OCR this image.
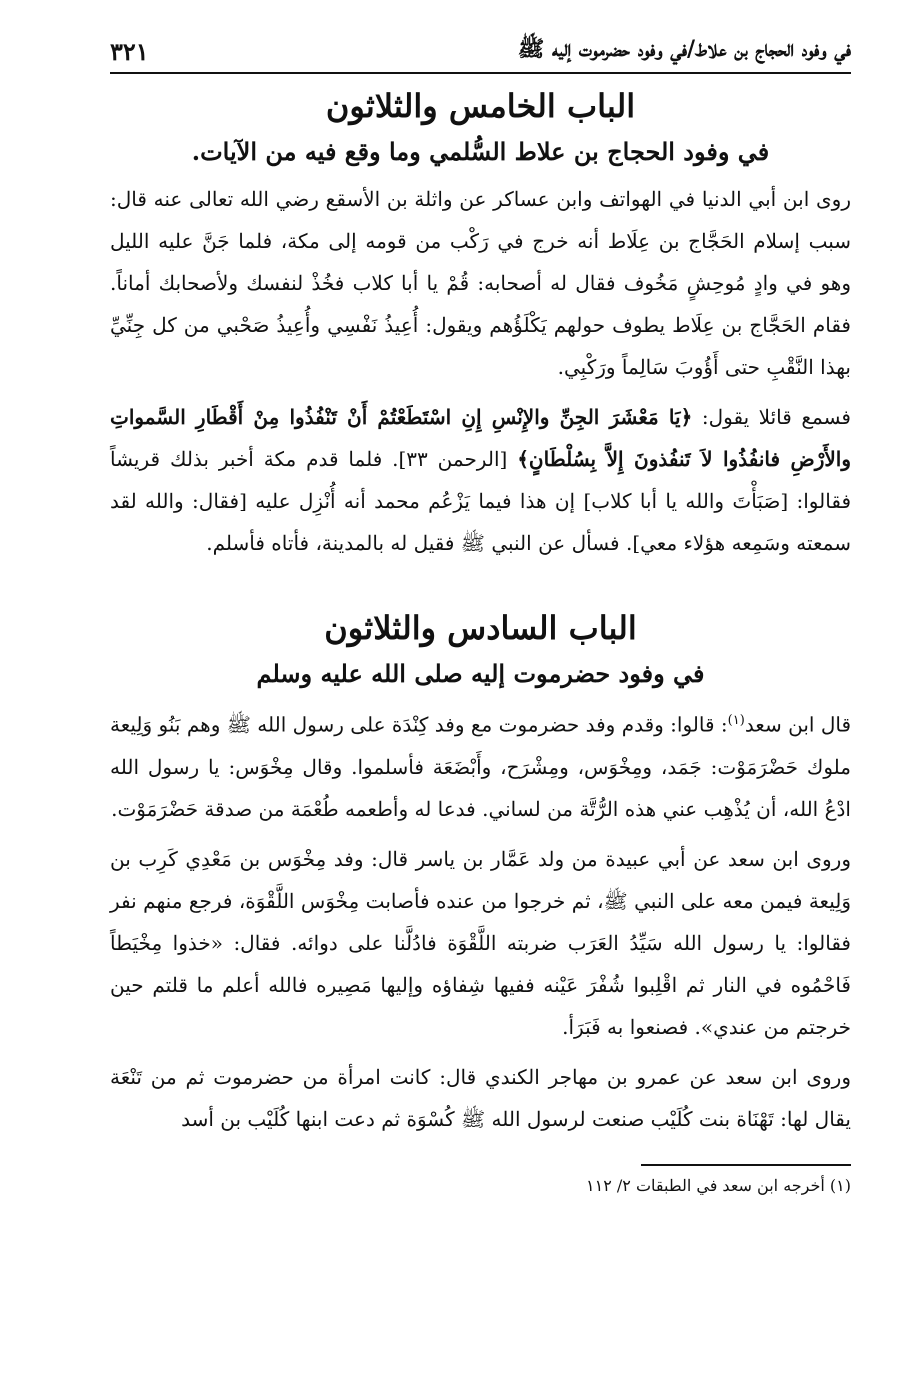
في وفود الحجاج بن علاط/في وفود حضرموت إليه ﷺ
٣٢١
الباب الخامس والثلاثون
في وفود الحجاج بن علاط السُّلمي وما وقع فيه من الآيات.

روى ابن أبي الدنيا في الهواتف وابن عساكر عن واثلة بن الأسقع رضي الله تعالى عنه قال: سبب إسلام الحَجَّاج بن عِلَاط أنه خرج في رَكْب من قومه إلى مكة، فلما جَنَّ عليه الليل وهو في وادٍ مُوحِشٍ مَخُوف فقال له أصحابه: قُمْ يا أبا كلاب فخُذْ لنفسك ولأصحابك أماناً. فقام الحَجَّاج بن عِلَاط يطوف حولهم يَكْلَؤُهم ويقول: أُعِيذُ نَفْسِي وأُعِيذُ صَحْبي من كل جِنِّيِّ بهذا النَّقْبِ حتى أَؤُوبَ سَالِماً ورَكْبِي.

فسمع قائلا يقول: ﴿يَا مَعْشَرَ الجِنِّ والإِنْسِ إِنِ اسْتَطَعْتُمْ أَنْ تَنْفُذُوا مِنْ أَقْطَارِ السَّمواتِ والأَرْضِ فانفُذُوا لاَ تَنفُذونَ إِلاَّ بِسُلْطَانٍ﴾ [الرحمن ٣٣]. فلما قدم مكة أخبر بذلك قريشاً فقالوا: [صَبَأْتَ والله يا أبا كلاب] إن هذا فيما يَزْعُم محمد أنه أُنْزِل عليه [فقال: والله لقد سمعته وسَمِعه هؤلاء معي]. فسأل عن النبي ﷺ فقيل له بالمدينة، فأتاه فأسلم.

الباب السادس والثلاثون
في وفود حضرموت إليه صلى الله عليه وسلم

قال ابن سعد$^{(١)}$: قالوا: وقدم وفد حضرموت مع وفد كِنْدَة على رسول الله ﷺ وهم بَنُو وَلِيعة ملوك حَضْرَمَوْت: جَمَد، ومِخْوَس، ومِشْرَح، وأَبْضَعَة فأسلموا. وقال مِخْوَس: يا رسول الله ادْعُ الله، أن يُذْهِب عني هذه الرُّتَّة من لساني. فدعا له وأطعمه طُعْمَة من صدقة حَضْرَمَوْت.

وروى ابن سعد عن أبي عبيدة من ولد عَمَّار بن ياسر قال: وفد مِخْوَس بن مَعْدِي كَرِب بن وَلِيعة فيمن معه على النبي ﷺ، ثم خرجوا من عنده فأصابت مِخْوَس اللَّقْوَة، فرجع منهم نفر فقالوا: يا رسول الله سَيِّدُ العَرَب ضربته اللَّقْوَة فادُلَّنا على دوائه. فقال: «خذوا مِخْيَطاً فَاحْمُوه في النار ثم اقْلِبوا شُفْرَ عَيْنه ففيها شِفاؤه وإليها مَصِيره فالله أعلم ما قلتم حين خرجتم من عندي». فصنعوا به فَبَرَأ.

وروى ابن سعد عن عمرو بن مهاجر الكندي قال: كانت امرأة من حضرموت ثم من تَنْعَة يقال لها: تَهْنَاة بنت كُلَيْب صنعت لرسول الله ﷺ كُسْوَة ثم دعت ابنها كُلَيْب بن أسد

(١) أخرجه ابن سعد في الطبقات ٢/ ١١٢
